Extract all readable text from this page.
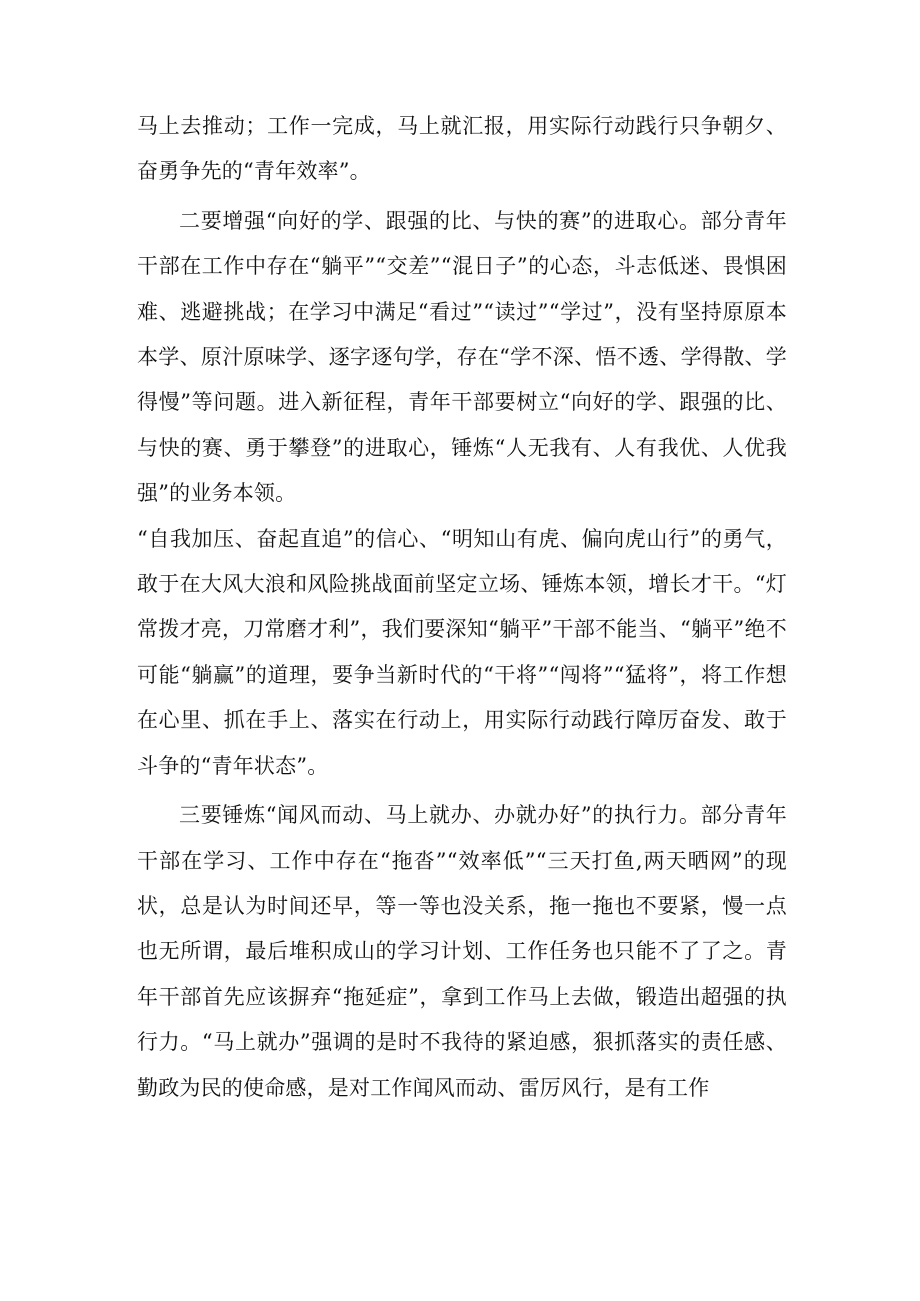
马上去推动；工作一完成，马上就汇报，用实际行动践行只争朝夕、奋勇争先的“青年效率”。

二要增强“向好的学、跟强的比、与快的赛”的进取心。部分青年干部在工作中存在“躺平”“交差”“混日子”的心态，斗志低迷、畏惧困难、逃避挑战；在学习中满足“看过”“读过”“学过”，没有坚持原原本本学、原汁原味学、逐字逐句学，存在“学不深、悟不透、学得散、学得慢”等问题。进入新征程，青年干部要树立“向好的学、跟强的比、与快的赛、勇于攀登”的进取心，锤炼“人无我有、人有我优、人优我强”的业务本领。

“自我加压、奋起直追”的信心、“明知山有虎、偏向虎山行”的勇气，敢于在大风大浪和风险挑战面前坚定立场、锤炼本领，增长才干。“灯常拨才亮，刀常磨才利”，我们要深知“躺平”干部不能当、“躺平”绝不可能“躺赢”的道理，要争当新时代的“干将”“闯将”“猛将”，将工作想在心里、抓在手上、落实在行动上，用实际行动践行障厉奋发、敢于斗争的“青年状态”。

三要锤炼“闻风而动、马上就办、办就办好”的执行力。部分青年干部在学习、工作中存在“拖沓”“效率低”“三天打鱼,两天晒网”的现状，总是认为时间还早，等一等也没关系，拖一拖也不要紧，慢一点也无所谓，最后堆积成山的学习计划、工作任务也只能不了了之。青年干部首先应该摒弃“拖延症”，拿到工作马上去做，锻造出超强的执行力。“马上就办”强调的是时不我待的紧迫感，狠抓落实的责任感、勤政为民的使命感，是对工作闻风而动、雷厉风行，是有工作
